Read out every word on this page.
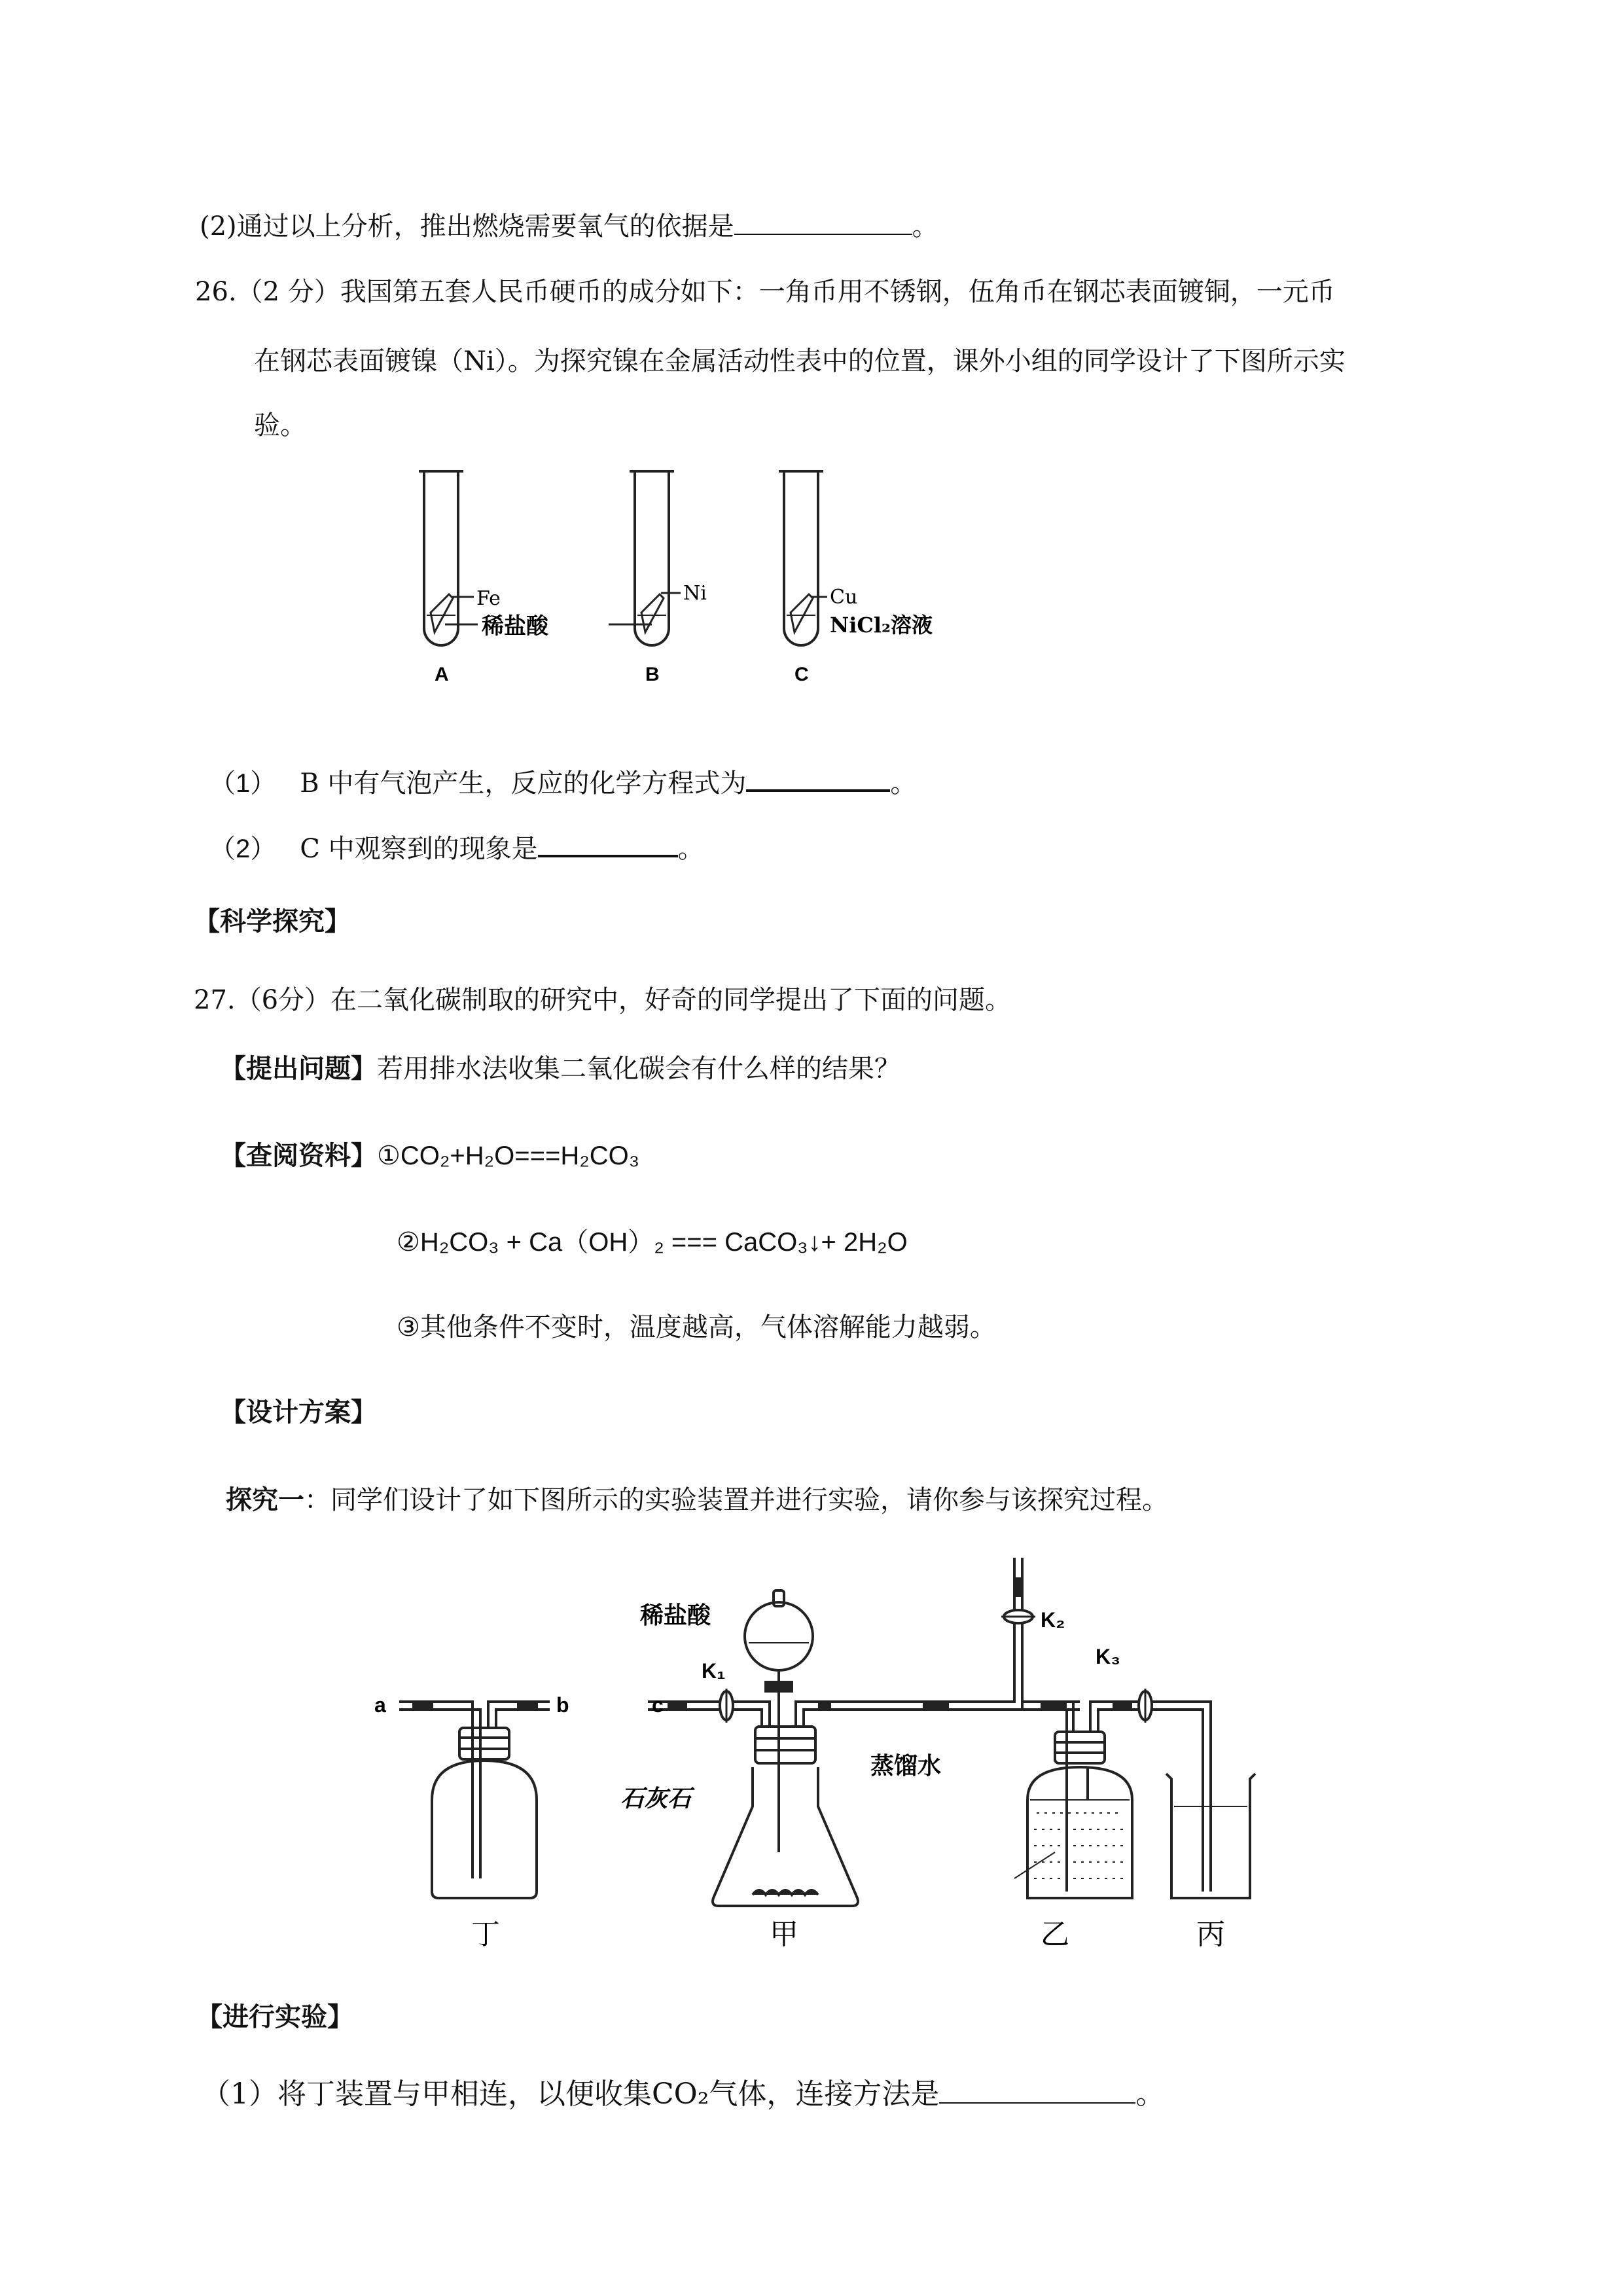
(2)通过以上分析，推出燃烧需要氧气的依据是	。
26.（2 分）我国第五套人民币硬币的成分如下：一角币用不锈钢，伍角币在钢芯表面镀铜，一元币
在钢芯表面镀镍（Ni）。为探究镍在金属活动性表中的位置，课外小组的同学设计了下图所示实
验。
Fe
稀盐酸
A
Ni
B
Cu
NiCl₂溶液
C
（1） B 中有气泡产生，反应的化学方程式为	。
（2） C 中观察到的现象是	。
【科学探究】
27.（6分）在二氧化碳制取的研究中，好奇的同学提出了下面的问题。
【提出问题】若用排水法收集二氧化碳会有什么样的结果？
【查阅资料】①CO₂+H₂O===H₂CO₃
②H₂CO₃ + Ca（OH）₂ === CaCO₃↓+ 2H₂O
③其他条件不变时，温度越高，气体溶解能力越弱。
【设计方案】
探究一：同学们设计了如下图所示的实验装置并进行实验，请你参与该探究过程。
稀盐酸
石灰石
蒸馏水
K₁
K₂
K₃
a	b	c
丁	甲	乙	丙
【进行实验】
（1）将丁装置与甲相连，以便收集CO₂气体，连接方法是	。
